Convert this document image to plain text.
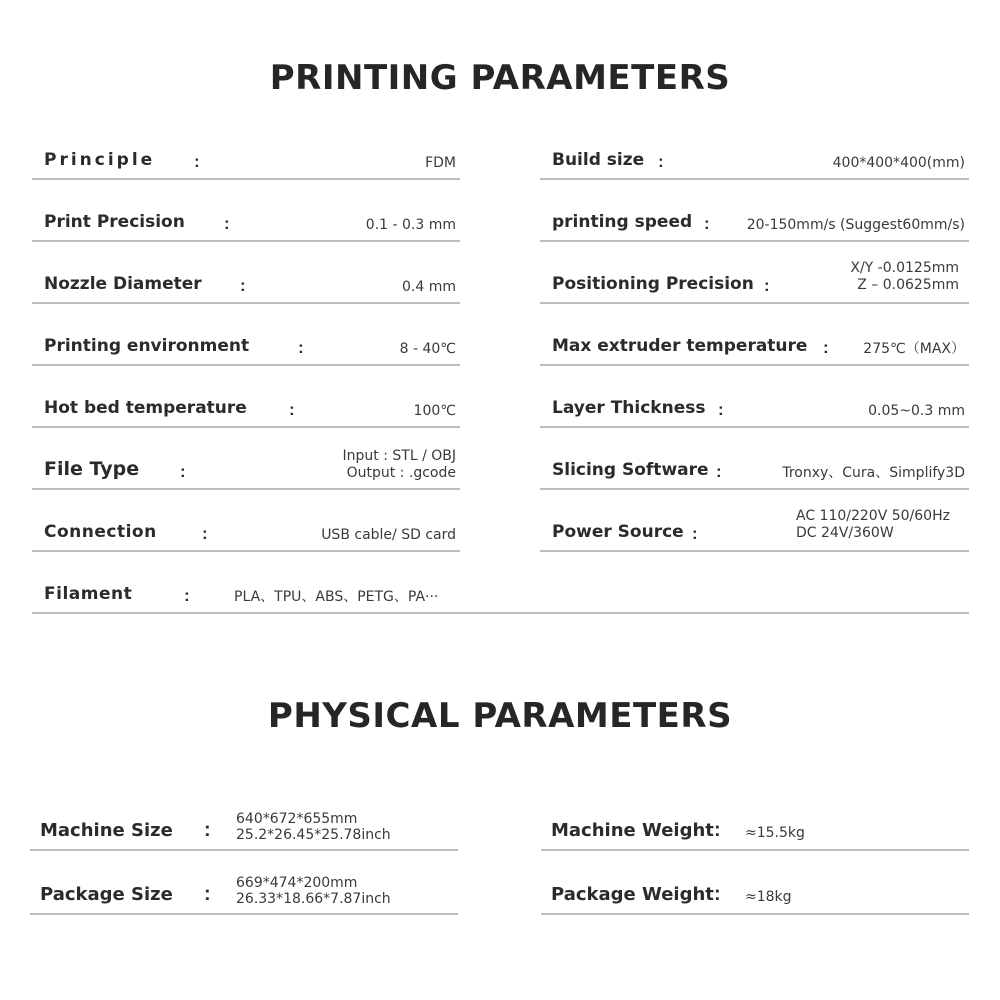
PRINTING PARAMETERS
Principle :	FDM
Print Precision :	0.1 - 0.3 mm
Nozzle Diameter :	0.4 mm
Printing environment	:	8 - 40℃
Hot bed temperature :	100℃
File Type :
Input : STL / OBJ
Output : .gcode
Connection	:	USB cable/ SD card
Filament	:	PLA、TPU、ABS、PETG、PA···
Build size :	400*400*400(mm)
printing speed :	20-150mm/s (Suggest60mm/s)
Positioning Precision :
X/Y -0.0125mm
Z – 0.0625mm
Max extruder temperature : 275℃（MAX）
Layer Thickness :	0.05~0.3 mm
Slicing Software :	Tronxy、Cura、Simplify3D
Power Source :
AC 110/220V 50/60Hz
DC 24V/360W
PHYSICAL PARAMETERS
Machine Size : 640*672*655mm
25.2*26.45*25.78inch
Package Size : 669*474*200mm
26.33*18.66*7.87inch
Machine Weight : ≈15.5kg
Package Weight : ≈18kg
